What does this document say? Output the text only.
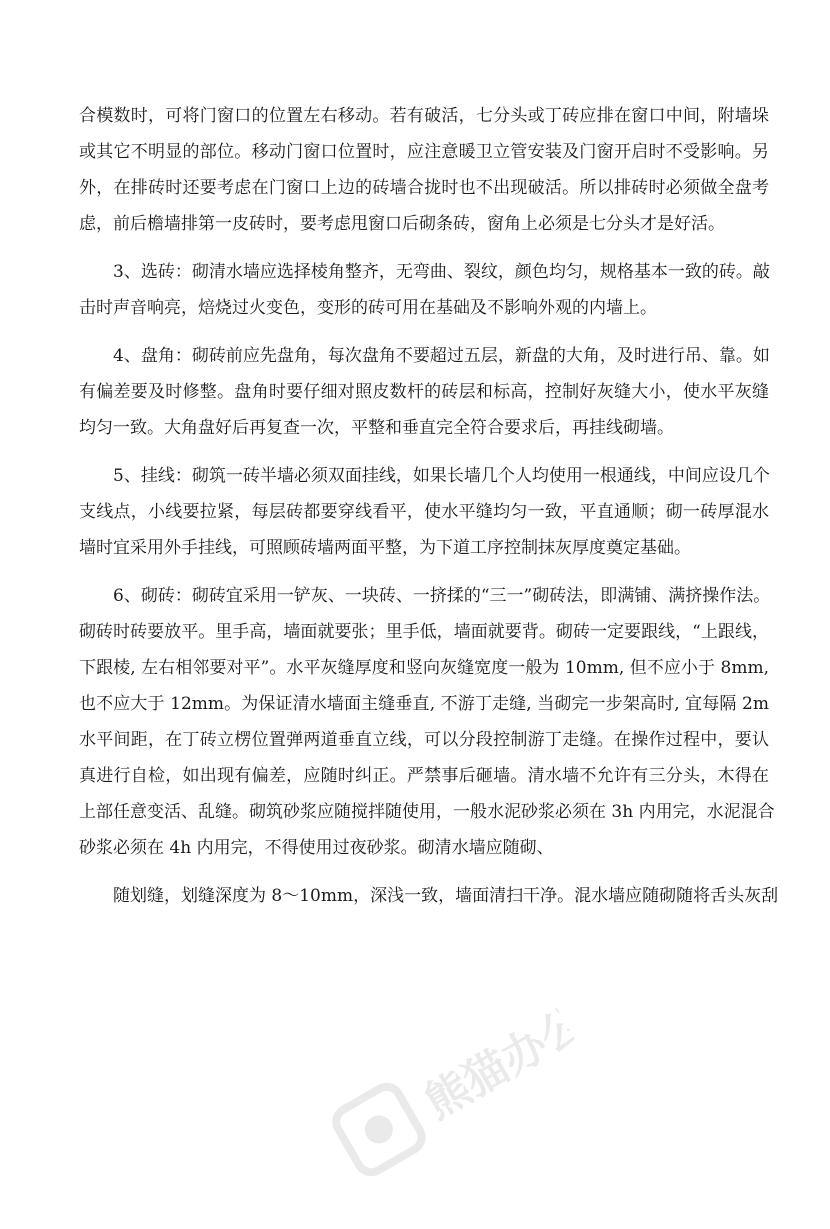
合模数时，可将门窗口的位置左右移动。若有破活，七分头或丁砖应排在窗口中间，附墙垛
或其它不明显的部位。移动门窗口位置时，应注意暖卫立管安装及门窗开启时不受影响。另
外，在排砖时还要考虑在门窗口上边的砖墙合拢时也不出现破活。所以排砖时必须做全盘考
虑，前后檐墙排第一皮砖时，要考虑甩窗口后砌条砖，窗角上必须是七分头才是好活。
3、选砖：砌清水墙应选择棱角整齐，无弯曲、裂纹，颜色均匀，规格基本一致的砖。敲
击时声音响亮，焙烧过火变色，变形的砖可用在基础及不影响外观的内墙上。
4、盘角：砌砖前应先盘角，每次盘角不要超过五层，新盘的大角，及时进行吊、靠。如
有偏差要及时修整。盘角时要仔细对照皮数杆的砖层和标高，控制好灰缝大小，使水平灰缝
均匀一致。大角盘好后再复查一次，平整和垂直完全符合要求后，再挂线砌墙。
5、挂线：砌筑一砖半墙必须双面挂线，如果长墙几个人均使用一根通线，中间应设几个
支线点，小线要拉紧，每层砖都要穿线看平，使水平缝均匀一致，平直通顺；砌一砖厚混水
墙时宜采用外手挂线，可照顾砖墙两面平整，为下道工序控制抹灰厚度奠定基础。
6、砌砖：砌砖宜采用一铲灰、一块砖、一挤揉的“三一”砌砖法，即满铺、满挤操作法。
砌砖时砖要放平。里手高，墙面就要张；里手低，墙面就要背。砌砖一定要跟线，“上跟线，
下跟棱, 左右相邻要对平”。水平灰缝厚度和竖向灰缝宽度一般为 10mm, 但不应小于 8mm,
也不应大于 12mm。为保证清水墙面主缝垂直, 不游丁走缝, 当砌完一步架高时, 宜每隔 2m
水平间距，在丁砖立楞位置弹两道垂直立线，可以分段控制游丁走缝。在操作过程中，要认
真进行自检，如出现有偏差，应随时纠正。严禁事后砸墙。清水墙不允许有三分头，木得在
上部任意变活、乱缝。砌筑砂浆应随搅拌随使用，一般水泥砂浆必须在 3h 内用完，水泥混合
砂浆必须在 4h 内用完，不得使用过夜砂浆。砌清水墙应随砌、
随划缝，划缝深度为 8～10mm，深浅一致，墙面清扫干净。混水墙应随砌随将舌头灰刮
熊猫办公
